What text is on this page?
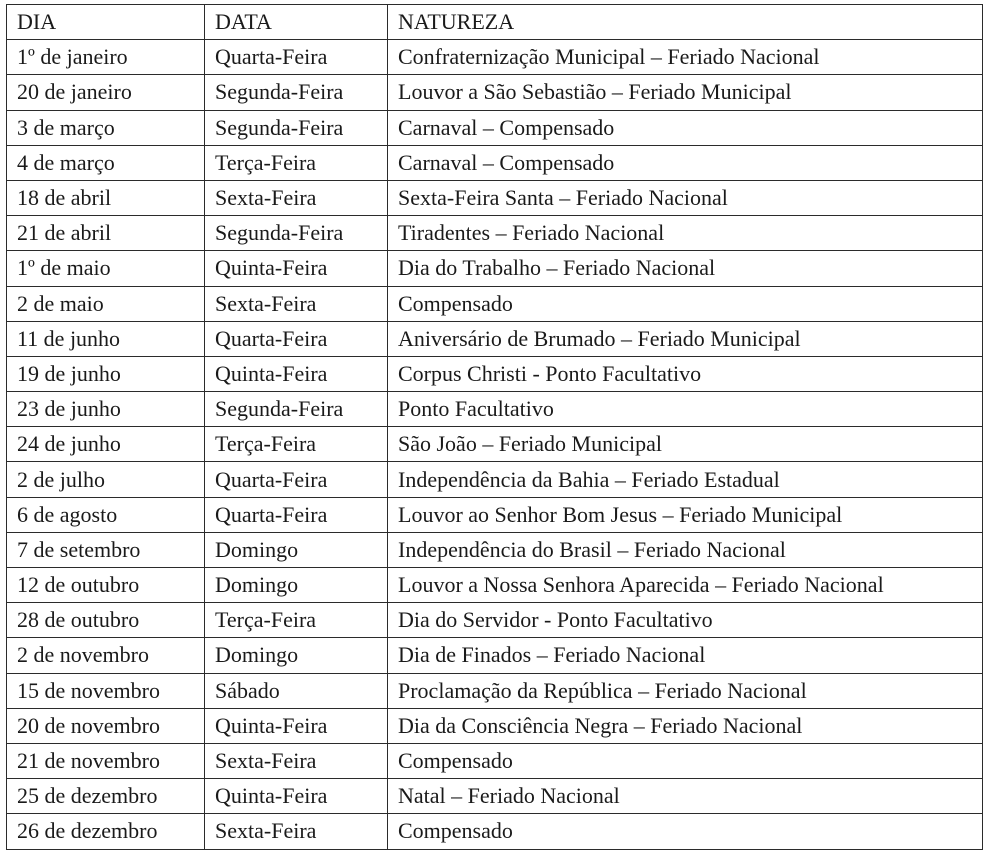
DIA	DATA	NATUREZA
1º de janeiro	Quarta-Feira	Confraternização Municipal – Feriado Nacional
20 de janeiro	Segunda-Feira	Louvor a São Sebastião – Feriado Municipal
3 de março	Segunda-Feira	Carnaval – Compensado
4 de março	Terça-Feira	Carnaval – Compensado
18 de abril	Sexta-Feira	Sexta-Feira Santa – Feriado Nacional
21 de abril	Segunda-Feira	Tiradentes – Feriado Nacional
1º de maio	Quinta-Feira	Dia do Trabalho – Feriado Nacional
2 de maio	Sexta-Feira	Compensado
11 de junho	Quarta-Feira	Aniversário de Brumado – Feriado Municipal
19 de junho	Quinta-Feira	Corpus Christi - Ponto Facultativo
23 de junho	Segunda-Feira	Ponto Facultativo
24 de junho	Terça-Feira	São João – Feriado Municipal
2 de julho	Quarta-Feira	Independência da Bahia – Feriado Estadual
6 de agosto	Quarta-Feira	Louvor ao Senhor Bom Jesus – Feriado Municipal
7 de setembro	Domingo	Independência do Brasil – Feriado Nacional
12 de outubro	Domingo	Louvor a Nossa Senhora Aparecida – Feriado Nacional
28 de outubro	Terça-Feira	Dia do Servidor - Ponto Facultativo
2 de novembro	Domingo	Dia de Finados – Feriado Nacional
15 de novembro	Sábado	Proclamação da República – Feriado Nacional
20 de novembro	Quinta-Feira	Dia da Consciência Negra – Feriado Nacional
21 de novembro	Sexta-Feira	Compensado
25 de dezembro	Quinta-Feira	Natal – Feriado Nacional
26 de dezembro	Sexta-Feira	Compensado
